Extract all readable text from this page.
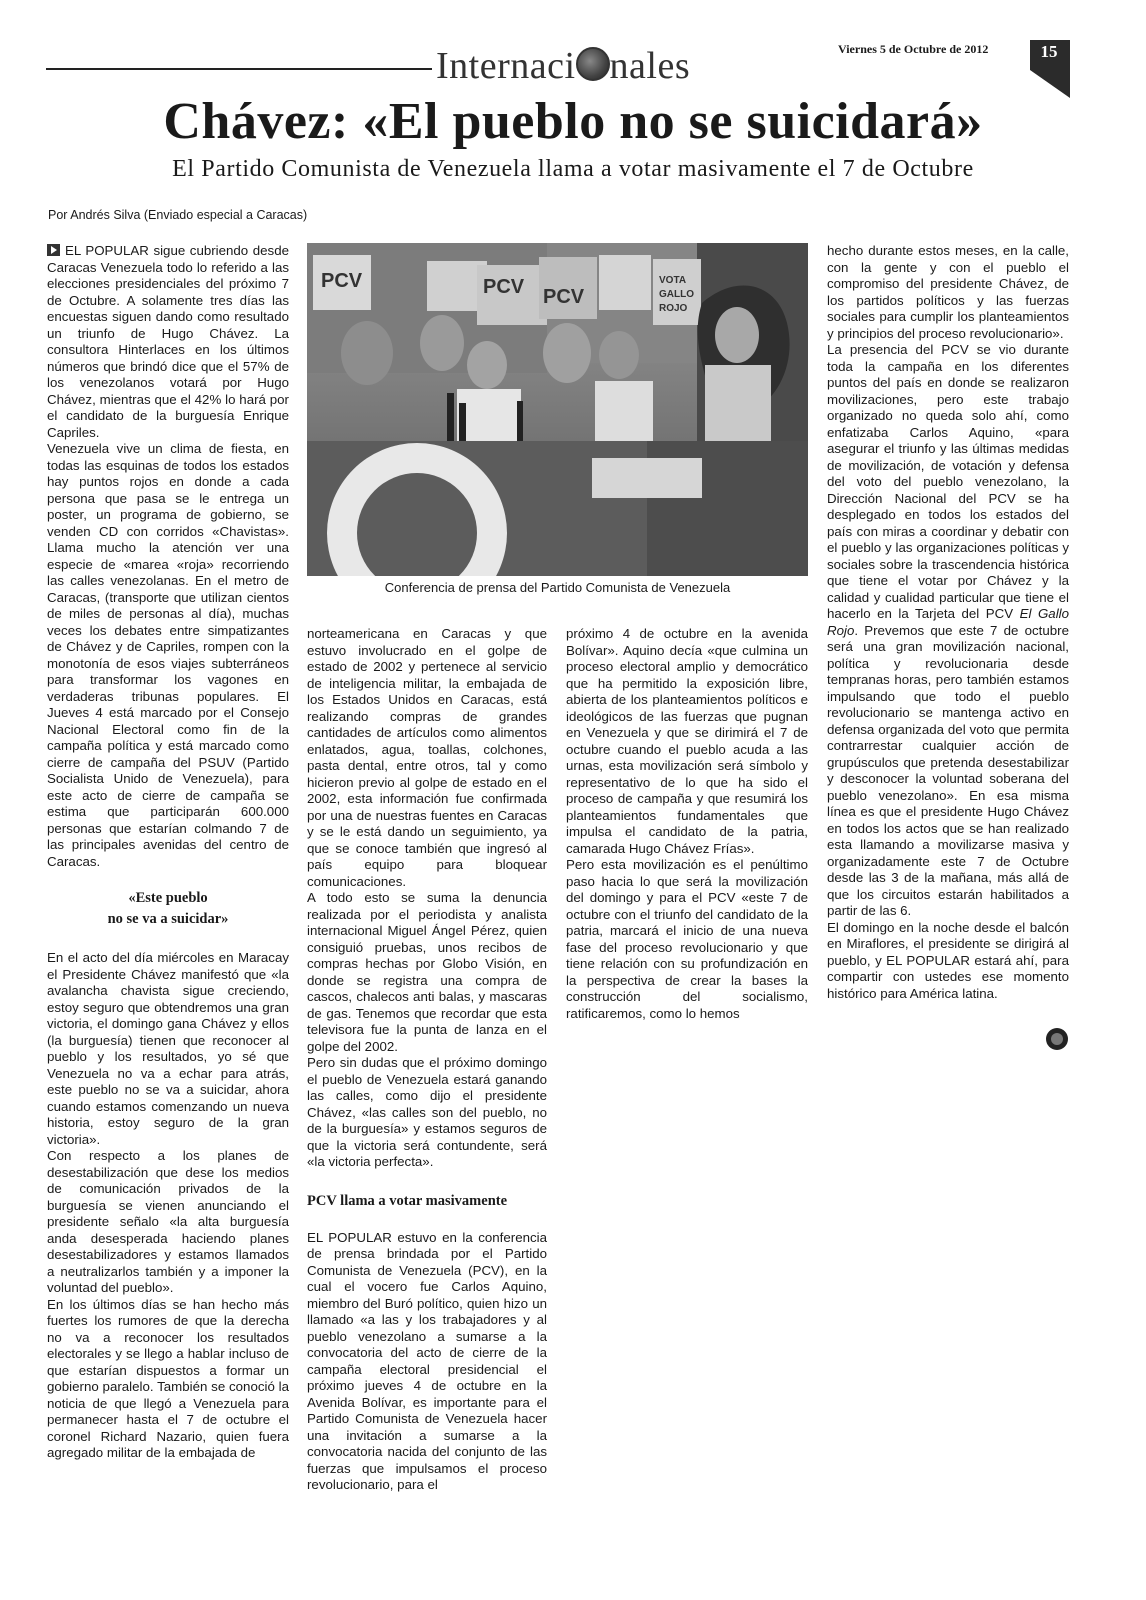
Internaci nales	Viernes 5 de Octubre de 2012	15
Chávez: «El pueblo no se suicidará»
El Partido Comunista de Venezuela llama a votar masivamente el 7 de Octubre
Por Andrés Silva (Enviado especial a Caracas)

EL POPULAR sigue cubriendo desde Caracas Venezuela todo lo referido a las elecciones presidenciales del próximo 7 de Octubre. A solamente tres días las encuestas siguen dando como resultado un triunfo de Hugo Chávez. La consultora Hinterlaces en los últimos números que brindó dice que el 57% de los venezolanos votará por Hugo Chávez, mientras que el 42% lo hará por el candidato de la burguesía Enrique Capriles.

Venezuela vive un clima de fiesta, en todas las esquinas de todos los estados hay puntos rojos en donde a cada persona que pasa se le entrega un poster, un programa de gobierno, se venden CD con corridos «Chavistas». Llama mucho la atención ver una especie de «marea «roja» recorriendo las calles venezolanas. En el metro de Caracas, (transporte que utilizan cientos de miles de personas al día), muchas veces los debates entre simpatizantes de Chávez y de Capriles, rompen con la monotonía de esos viajes subterráneos para transformar los vagones en verdaderas tribunas populares. El Jueves 4 está marcado por el Consejo Nacional Electoral como fin de la campaña política y está marcado como cierre de campaña del PSUV (Partido Socialista Unido de Venezuela), para este acto de cierre de campaña se estima que participarán 600.000 personas que estarían colmando 7 de las principales avenidas del centro de Caracas.

«Este pueblo
no se va a suicidar»

En el acto del día miércoles en Maracay el Presidente Chávez manifestó que «la avalancha chavista sigue creciendo, estoy seguro que obtendremos una gran victoria, el domingo gana Chávez y ellos (la burguesía) tienen que reconocer al pueblo y los resultados, yo sé que Venezuela no va a echar para atrás, este pueblo no se va a suicidar, ahora cuando estamos comenzando un nueva historia, estoy seguro de la gran victoria».

Con respecto a los planes de desestabilización que dese los medios de comunicación privados de la burguesía se vienen anunciando el presidente señalo «la alta burguesía anda desesperada haciendo planes desestabilizadores y estamos llamados a neutralizarlos también y a imponer la voluntad del pueblo».

En los últimos días se han hecho más fuertes los rumores de que la derecha no va a reconocer los resultados electorales y se llego a hablar incluso de que estarían dispuestos a formar un gobierno paralelo. También se conoció la noticia de que llegó a Venezuela para permanecer hasta el 7 de octubre el coronel Richard Nazario, quien fuera agregado militar de la embajada de

PCV	PCV PCV
VOTA
GALLO
ROJO
Conferencia de prensa del Partido Comunista de Venezuela

norteamericana en Caracas y que estuvo involucrado en el golpe de estado de 2002 y pertenece al servicio de inteligencia militar, la embajada de los Estados Unidos en Caracas, está realizando compras de grandes cantidades de artículos como alimentos enlatados, agua, toallas, colchones, pasta dental, entre otros, tal y como hicieron previo al golpe de estado en el 2002, esta información fue confirmada por una de nuestras fuentes en Caracas y se le está dando un seguimiento, ya que se conoce también que ingresó al país equipo para bloquear comunicaciones.

A todo esto se suma la denuncia realizada por el periodista y analista internacional Miguel Ángel Pérez, quien consiguió pruebas, unos recibos de compras hechas por Globo Visión, en donde se registra una compra de cascos, chalecos anti balas, y mascaras de gas. Tenemos que recordar que esta televisora fue la punta de lanza en el golpe del 2002.

Pero sin dudas que el próximo domingo el pueblo de Venezuela estará ganando las calles, como dijo el presidente Chávez, «las calles son del pueblo, no de la burguesía» y estamos seguros de que la victoria será contundente, será «la victoria perfecta».

PCV llama a votar masivamente

EL POPULAR estuvo en la conferencia de prensa brindada por el Partido Comunista de Venezuela (PCV), en la cual el vocero fue Carlos Aquino, miembro del Buró político, quien hizo un llamado «a las y los trabajadores y al pueblo venezolano a sumarse a la convocatoria del acto de cierre de la campaña electoral presidencial el próximo jueves 4 de octubre en la Avenida Bolívar, es importante para el Partido Comunista de Venezuela hacer una invitación a sumarse a la convocatoria nacida del conjunto de las fuerzas que impulsamos el proceso revolucionario, para el

próximo 4 de octubre en la avenida Bolívar». Aquino decía «que culmina un proceso electoral amplio y democrático que ha permitido la exposición libre, abierta de los planteamientos políticos e ideológicos de las fuerzas que pugnan en Venezuela y que se dirimirá el 7 de octubre cuando el pueblo acuda a las urnas, esta movilización será símbolo y representativo de lo que ha sido el proceso de campaña y que resumirá los planteamientos fundamentales que impulsa el candidato de la patria, camarada Hugo Chávez Frías».

Pero esta movilización es el penúltimo paso hacia lo que será la movilización del domingo y para el PCV «este 7 de octubre con el triunfo del candidato de la patria, marcará el inicio de una nueva fase del proceso revolucionario y que tiene relación con su profundización en la perspectiva de crear la bases la construcción del socialismo, ratificaremos, como lo hemos

hecho durante estos meses, en la calle, con la gente y con el pueblo el compromiso del presidente Chávez, de los partidos políticos y las fuerzas sociales para cumplir los planteamientos y principios del proceso revolucionario».

La presencia del PCV se vio durante toda la campaña en los diferentes puntos del país en donde se realizaron movilizaciones, pero este trabajo organizado no queda solo ahí, como enfatizaba Carlos Aquino, «para asegurar el triunfo y las últimas medidas de movilización, de votación y defensa del voto del pueblo venezolano, la Dirección Nacional del PCV se ha desplegado en todos los estados del país con miras a coordinar y debatir con el pueblo y las organizaciones políticas y sociales sobre la trascendencia histórica que tiene el votar por Chávez y la calidad y cualidad particular que tiene el hacerlo en la Tarjeta del PCV El Gallo Rojo. Prevemos que este 7 de octubre será una gran movilización nacional, política y revolucionaria desde tempranas horas, pero también estamos impulsando que todo el pueblo revolucionario se mantenga activo en defensa organizada del voto que permita contrarrestar cualquier acción de grupúsculos que pretenda desestabilizar y desconocer la voluntad soberana del pueblo venezolano». En esa misma línea es que el presidente Hugo Chávez en todos los actos que se han realizado esta llamando a movilizarse masiva y organizadamente este 7 de Octubre desde las 3 de la mañana, más allá de que los circuitos estarán habilitados a partir de las 6.

El domingo en la noche desde el balcón en Miraflores, el presidente se dirigirá al pueblo, y EL POPULAR estará ahí, para compartir con ustedes ese momento histórico para América latina.
